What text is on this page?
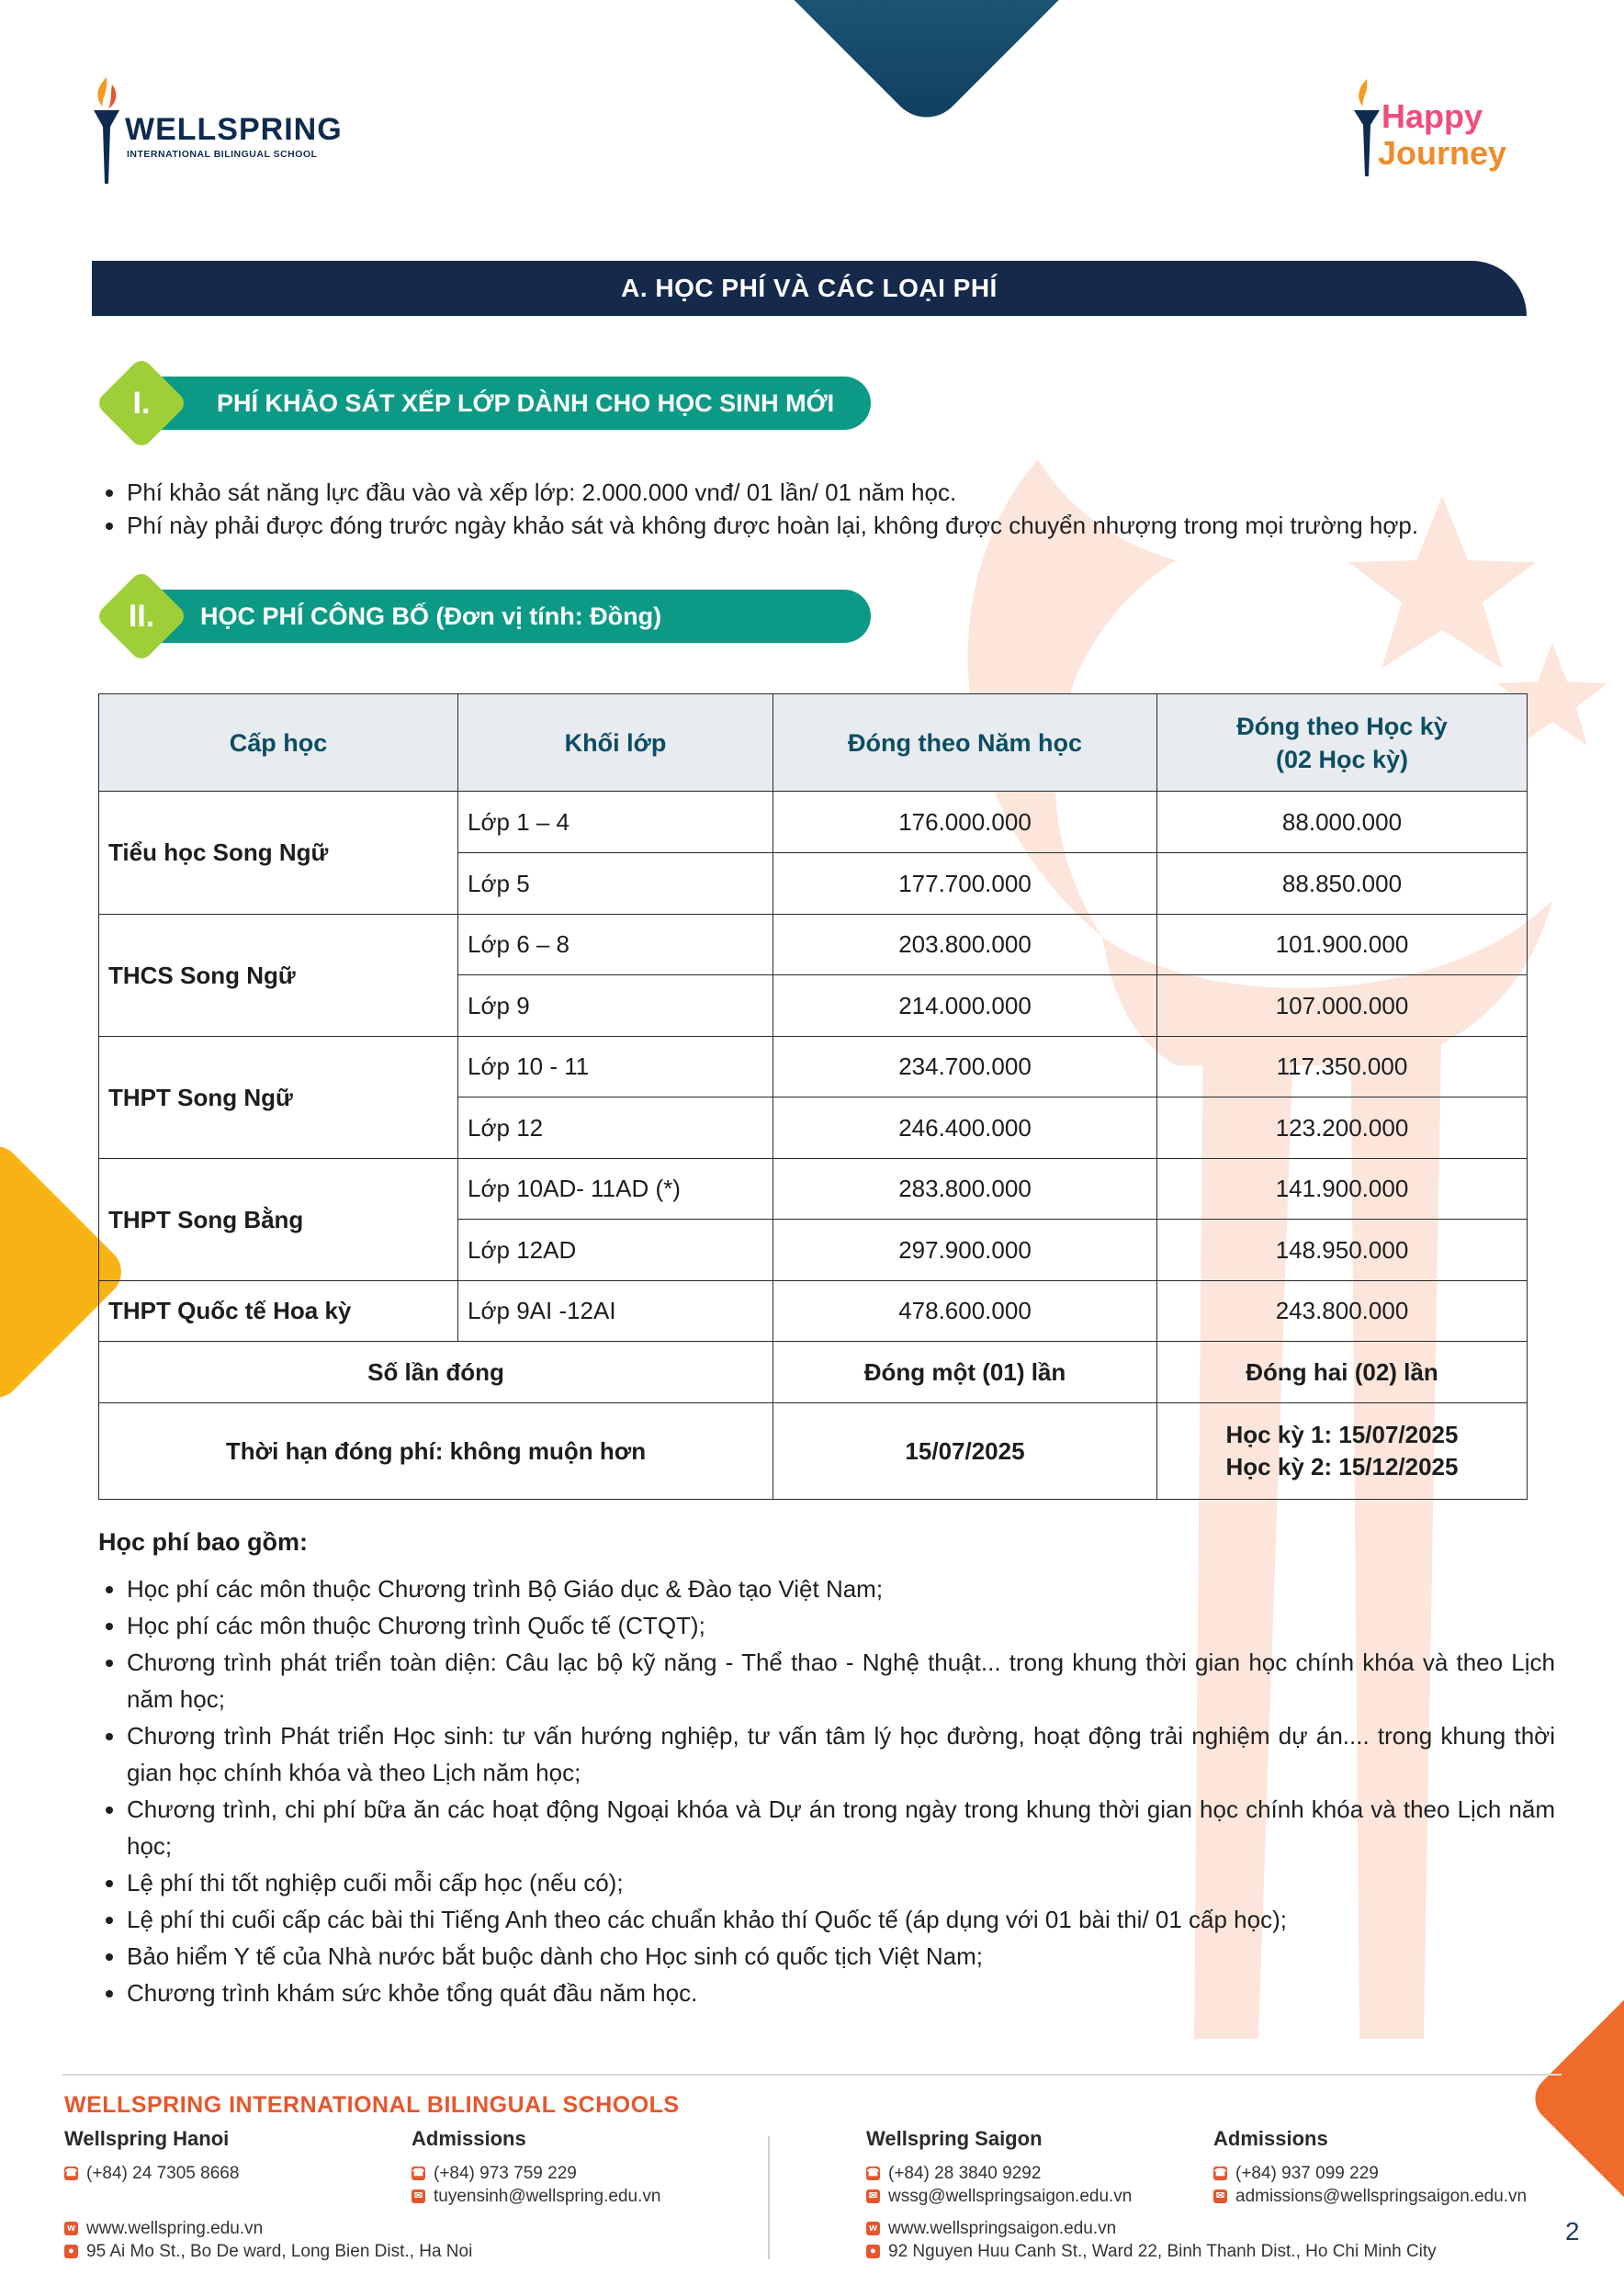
WELLSPRING
INTERNATIONAL BILINGUAL SCHOOL
Happy
Journey
A. HỌC PHÍ VÀ CÁC LOẠI PHÍ
PHÍ KHẢO SÁT XẾP LỚP DÀNH CHO HỌC SINH MỚI
I.
• Phí khảo sát năng lực đầu vào và xếp lớp: 2.000.000 vnđ/ 01 lần/ 01 năm học.
• Phí này phải được đóng trước ngày khảo sát và không được hoàn lại, không được chuyển nhượng trong mọi trường hợp.
HỌC PHÍ CÔNG BỐ (Đơn vị tính: Đồng)
II.
Cấp học	Khối lớp	Đóng theo Năm học	Đóng theo Học kỳ
(02 Học kỳ)

Tiểu học Song Ngữ	Lớp 1 – 4	176.000.000	88.000.000
	Lớp 5	177.700.000	88.850.000
THCS Song Ngữ	Lớp 6 – 8	203.800.000	101.900.000
	Lớp 9	214.000.000	107.000.000
THPT Song Ngữ	Lớp 10 - 11	234.700.000	117.350.000
	Lớp 12	246.400.000	123.200.000
THPT Song Bằng	Lớp 10AD- 11AD (*)	283.800.000	141.900.000
	Lớp 12AD	297.900.000	148.950.000
THPT Quốc tế Hoa kỳ	Lớp 9AI -12AI	478.600.000	243.800.000
Số lần đóng		Đóng một (01) lần	Đóng hai (02) lần
Thời hạn đóng phí: không muộn hơn		15/07/2025	Học kỳ 1: 15/07/2025
Học kỳ 2: 15/12/2025
Học phí bao gồm:
• Học phí các môn thuộc Chương trình Bộ Giáo dục & Đào tạo Việt Nam;
• Học phí các môn thuộc Chương trình Quốc tế (CTQT);
• Chương trình phát triển toàn diện: Câu lạc bộ kỹ năng - Thể thao - Nghệ thuật... trong khung thời gian học chính khóa và theo Lịch năm học;
• Chương trình Phát triển Học sinh: tư vấn hướng nghiệp, tư vấn tâm lý học đường, hoạt động trải nghiệm dự án.... trong khung thời gian học chính khóa và theo Lịch năm học;
• Chương trình, chi phí bữa ăn các hoạt động Ngoại khóa và Dự án trong ngày trong khung thời gian học chính khóa và theo Lịch năm học;
• Lệ phí thi tốt nghiệp cuối mỗi cấp học (nếu có);
• Lệ phí thi cuối cấp các bài thi Tiếng Anh theo các chuẩn khảo thí Quốc tế (áp dụng với 01 bài thi/ 01 cấp học);
• Bảo hiểm Y tế của Nhà nước bắt buộc dành cho Học sinh có quốc tịch Việt Nam;
• Chương trình khám sức khỏe tổng quát đầu năm học.
WELLSPRING INTERNATIONAL BILINGUAL SCHOOLS
Wellspring Hanoi
☎ (+84) 24 7305 8668
w www.wellspring.edu.vn
● 95 Ai Mo St., Bo De ward, Long Bien Dist., Ha Noi
Admissions
☎ (+84) 973 759 229
✉ tuyensinh@wellspring.edu.vn
Wellspring Saigon
☎ (+84) 28 3840 9292
✉ wssg@wellspringsaigon.edu.vn
w www.wellspringsaigon.edu.vn
● 92 Nguyen Huu Canh St., Ward 22, Binh Thanh Dist., Ho Chi Minh City
Admissions
☎ (+84) 937 099 229
✉ admissions@wellspringsaigon.edu.vn
2
